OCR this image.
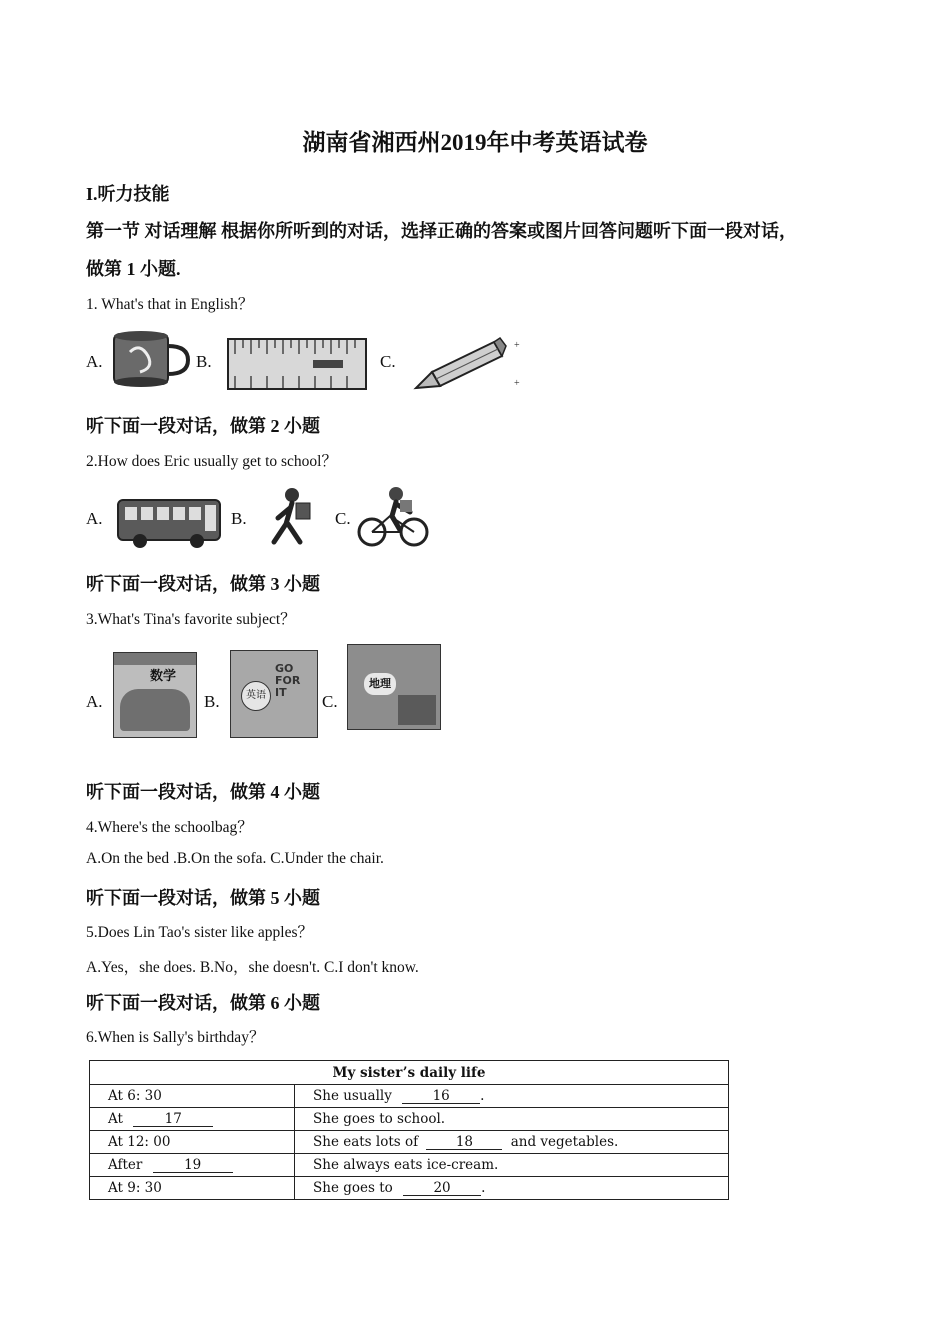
湖南省湘西州2019年中考英语试卷
I.听力技能
第一节 对话理解 根据你所听到的对话，选择正确的答案或图片回答问题听下面一段对话，
做第 1 小题.
1. What's that in English？
A.	B.	C.
+
+
听下面一段对话，做第 2 小题
2.How does Eric usually get to school？
A.	B.	C.
听下面一段对话，做第 3 小题
3.What's Tina's favorite subject？
A.
数学
B.	英语
GO FOR IT	C.
地理
听下面一段对话，做第 4 小题
4.Where's the schoolbag？
A.On the bed .B.On the sofa. C.Under the chair.
听下面一段对话，做第 5 小题
5.Does Lin Tao's sister like apples？
A.Yes，she does. B.No，she doesn't. C.I don't know.
听下面一段对话，做第 6 小题
6.When is Sally's birthday？
My sister’s daily life	
At 6: 30	She usually 16 .
At 17	She goes to school.
At 12: 00	She eats lots of 18 and vegetables.
After 19	She always eats ice-cream.
At 9: 30	She goes to 20 .
